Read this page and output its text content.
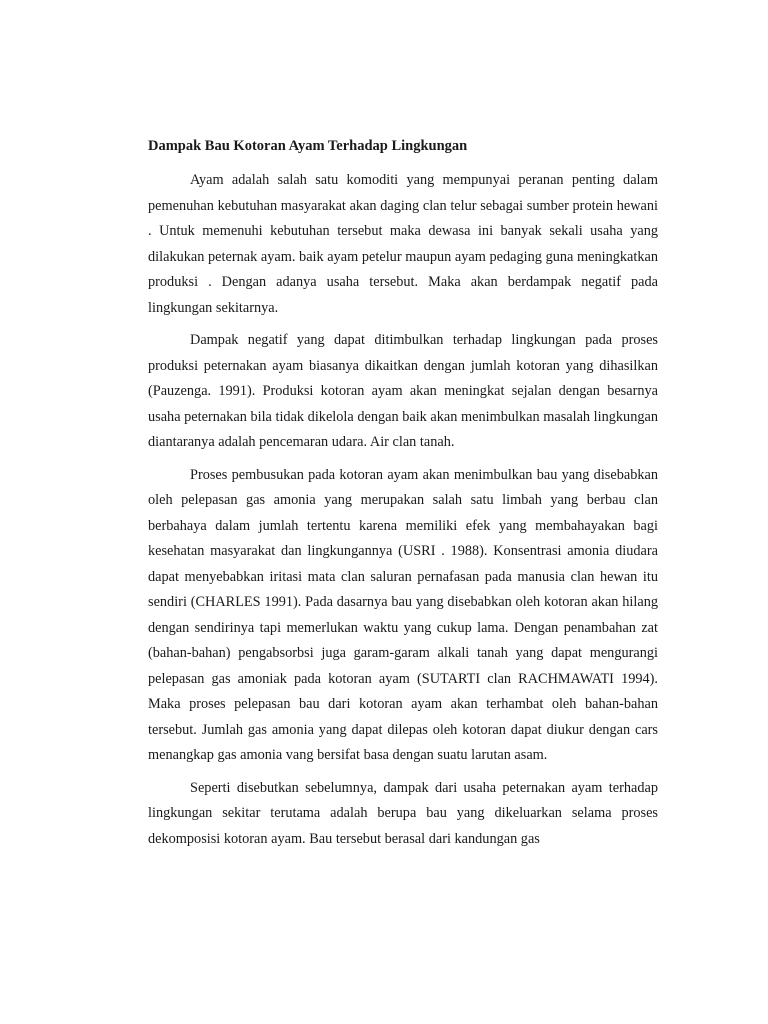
Dampak Bau Kotoran Ayam Terhadap Lingkungan

Ayam adalah salah satu komoditi yang mempunyai peranan penting dalam pemenuhan kebutuhan masyarakat akan daging clan telur sebagai sumber protein hewani . Untuk memenuhi kebutuhan tersebut maka dewasa ini banyak sekali usaha yang dilakukan peternak ayam. baik ayam petelur maupun ayam pedaging guna meningkatkan produksi . Dengan adanya usaha tersebut. Maka akan berdampak negatif pada lingkungan sekitarnya.

Dampak negatif yang dapat ditimbulkan terhadap lingkungan pada proses produksi peternakan ayam biasanya dikaitkan dengan jumlah kotoran yang dihasilkan (Pauzenga. 1991). Produksi kotoran ayam akan meningkat sejalan dengan besarnya usaha peternakan bila tidak dikelola dengan baik akan menimbulkan masalah lingkungan diantaranya adalah pencemaran udara. Air clan tanah.

Proses pembusukan pada kotoran ayam akan menimbulkan bau yang disebabkan oleh pelepasan gas amonia yang merupakan salah satu limbah yang berbau clan berbahaya dalam jumlah tertentu karena memiliki efek yang membahayakan bagi kesehatan masyarakat dan lingkungannya (USRI . 1988). Konsentrasi amonia diudara dapat menyebabkan iritasi mata clan saluran pernafasan pada manusia clan hewan itu sendiri (CHARLES 1991). Pada dasarnya bau yang disebabkan oleh kotoran akan hilang dengan sendirinya tapi memerlukan waktu yang cukup lama. Dengan penambahan zat (bahan-bahan) pengabsorbsi juga garam-garam alkali tanah yang dapat mengurangi pelepasan gas amoniak pada kotoran ayam (SUTARTI clan RACHMAWATI 1994). Maka proses pelepasan bau dari kotoran ayam akan terhambat oleh bahan-bahan tersebut. Jumlah gas amonia yang dapat dilepas oleh kotoran dapat diukur dengan cars menangkap gas amonia vang bersifat basa dengan suatu larutan asam.

Seperti disebutkan sebelumnya, dampak dari usaha peternakan ayam terhadap lingkungan sekitar terutama adalah berupa bau yang dikeluarkan selama proses dekomposisi kotoran ayam. Bau tersebut berasal dari kandungan gas
